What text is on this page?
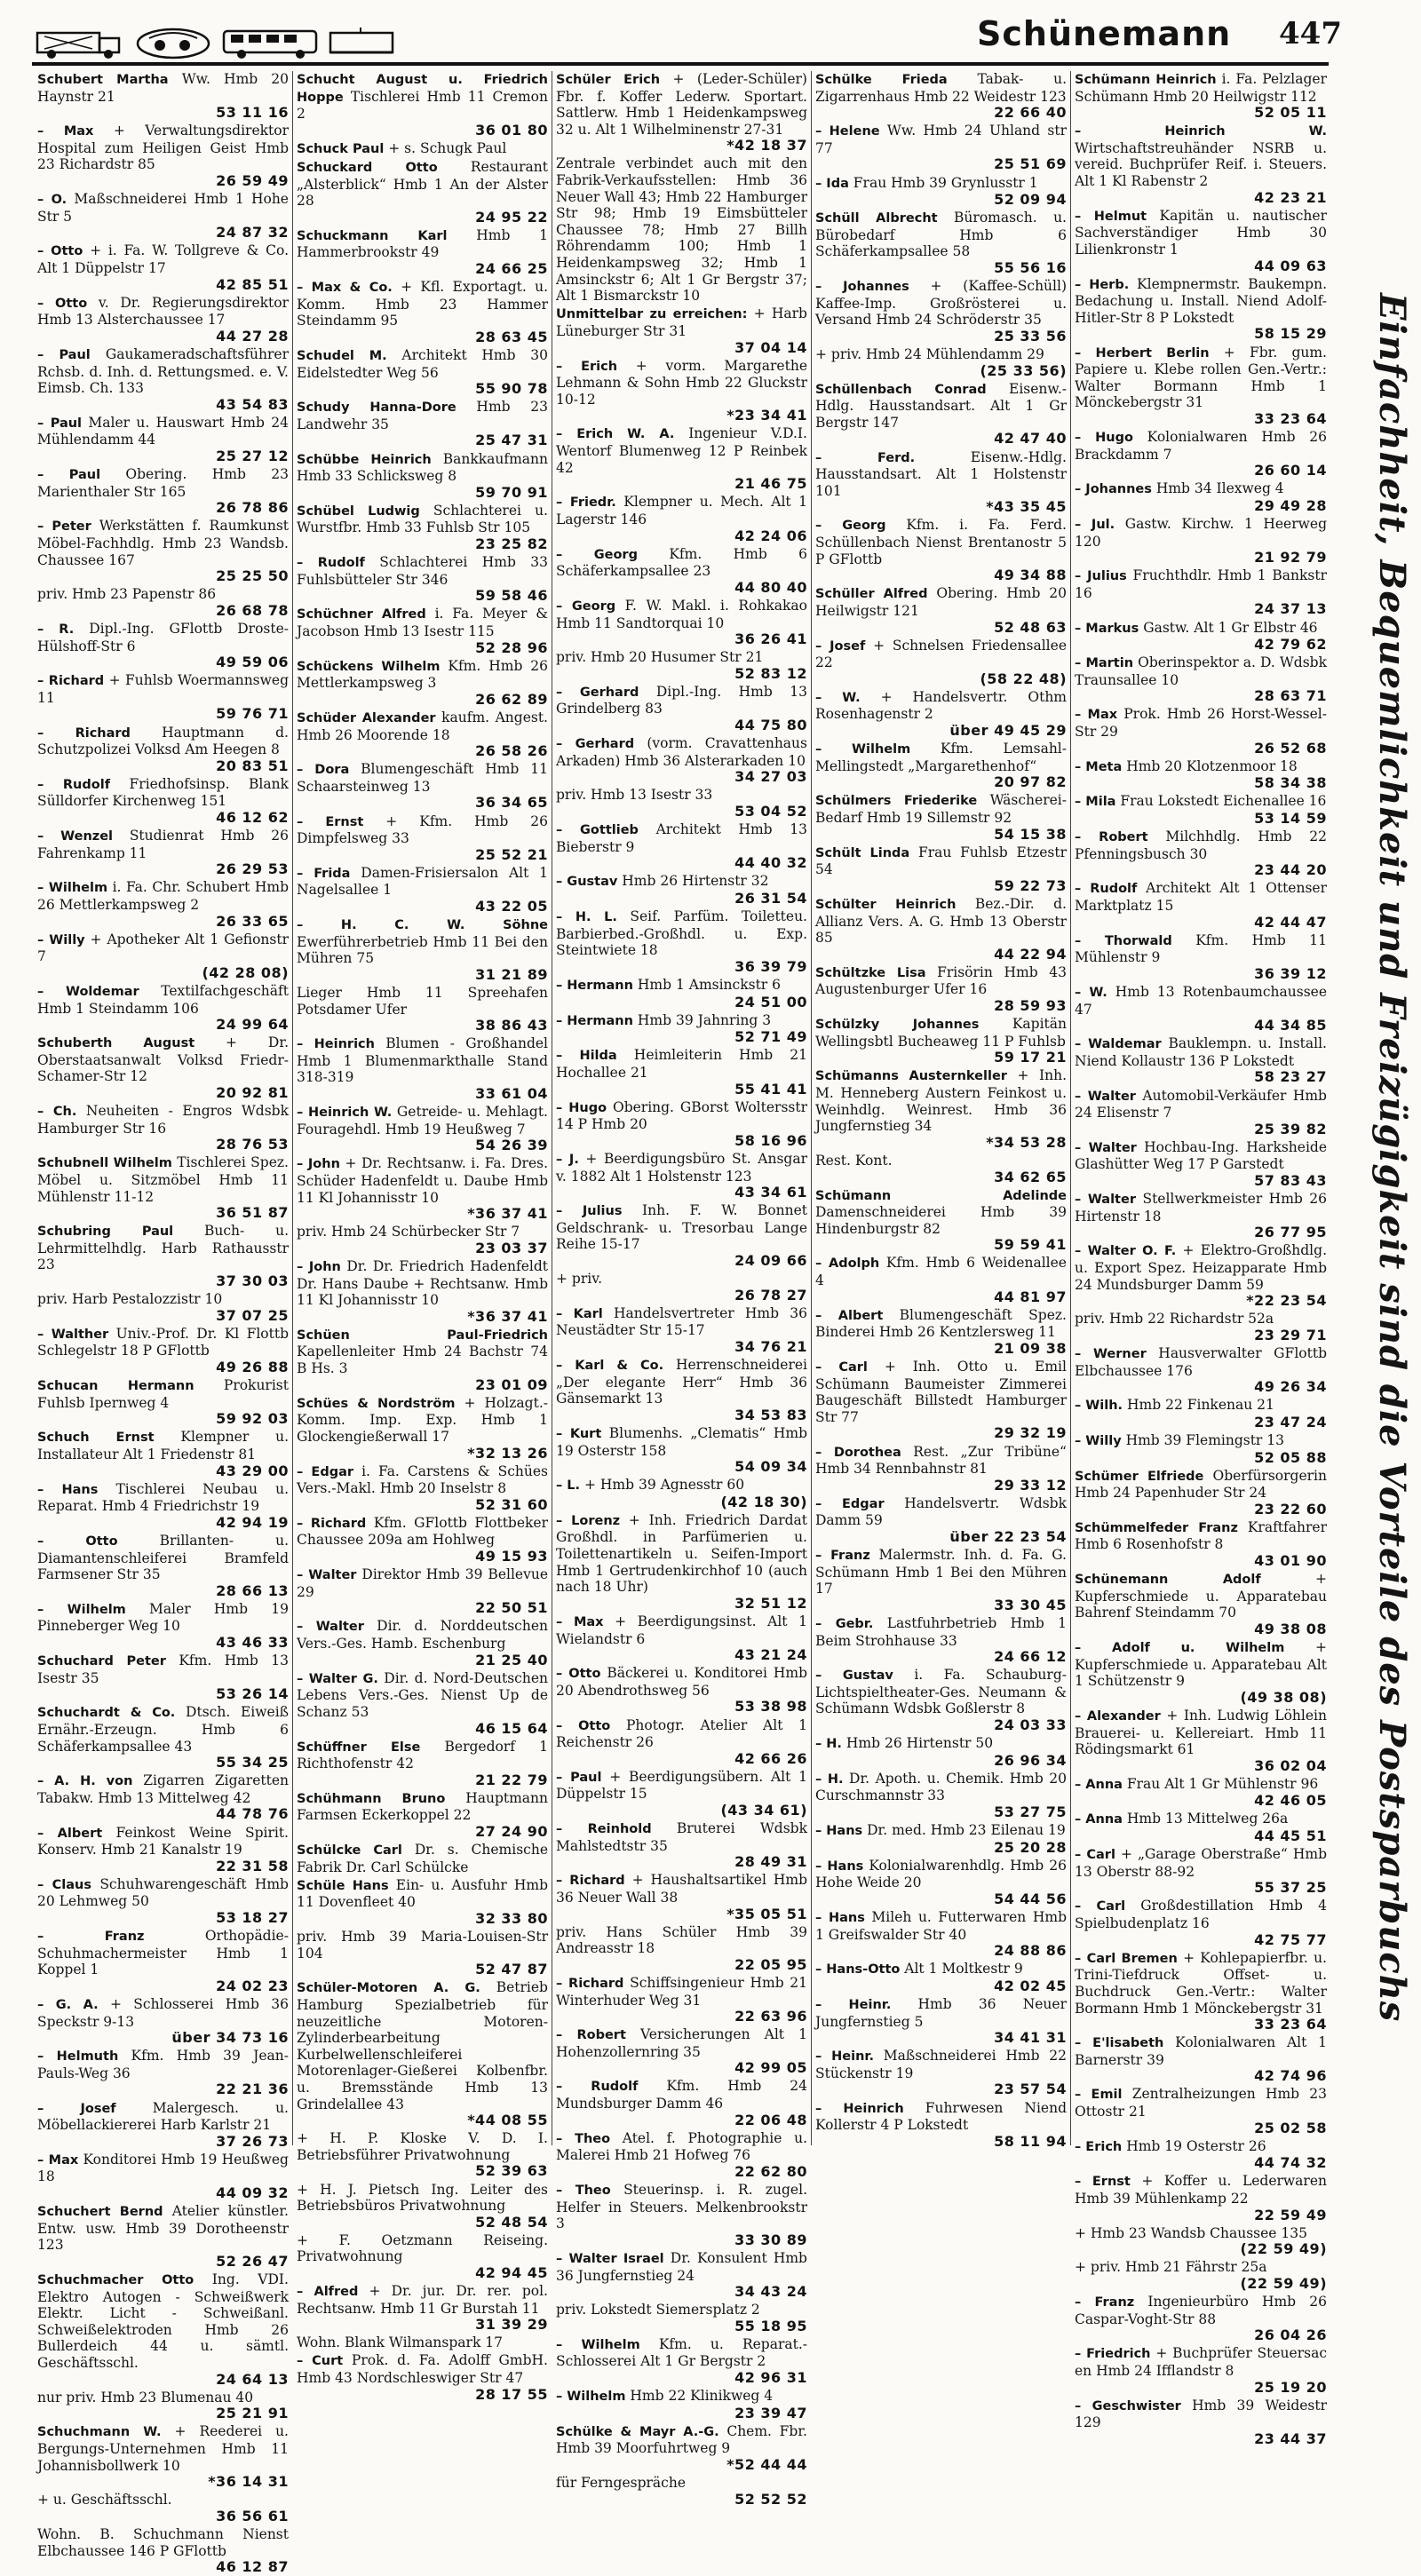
Schünemann 447
Schubert Martha Ww. Hmb 20 Haynstr 21
53 11 16
– Max + Verwaltungsdirektor Hospital zum Heiligen Geist Hmb 23 Richardstr 85
26 59 49
– O. Maßschneiderei Hmb 1 Hohe Str 5
24 87 32
– Otto + i. Fa. W. Tollgreve & Co. Alt 1 Düppelstr 17
42 85 51
– Otto v. Dr. Regierungsdirektor Hmb 13 Alsterchaussee 17
44 27 28
– Paul Gaukameradschaftsführer Rchsb. d. Inh. d. Rettungsmed. e. V. Eimsb. Ch. 133
43 54 83
– Paul Maler u. Hauswart Hmb 24 Mühlendamm 44
25 27 12
– Paul Obering. Hmb 23 Marienthaler Str 165
26 78 86
– Peter Werkstätten f. Raumkunst Möbel-Fachhdlg. Hmb 23 Wandsb. Chaussee 167
25 25 50
priv. Hmb 23 Papenstr 86
26 68 78
– R. Dipl.-Ing. GFlottb Droste-Hülshoff-Str 6
49 59 06
– Richard + Fuhlsb Woermannsweg 11
59 76 71
– Richard Hauptmann d. Schutzpolizei Volksd Am Heegen 8
20 83 51
– Rudolf Friedhofsinsp. Blank Sülldorfer Kirchenweg 151
46 12 62
– Wenzel Studienrat Hmb 26 Fahrenkamp 11
26 29 53
– Wilhelm i. Fa. Chr. Schubert Hmb 26 Mettlerkampsweg 2
26 33 65
– Willy + Apotheker Alt 1 Gefionstr 7
(42 28 08)
– Woldemar Textilfachgeschäft Hmb 1 Steindamm 106
24 99 64
Schuberth August + Dr. Oberstaatsanwalt Volksd Friedr-Schamer-Str 12
20 92 81
– Ch. Neuheiten - Engros Wdsbk Hamburger Str 16
28 76 53
Schubnell Wilhelm Tischlerei Spez. Möbel u. Sitzmöbel Hmb 11 Mühlenstr 11-12
36 51 87
Schubring Paul Buch- u. Lehrmittelhdlg. Harb Rathausstr 23
37 30 03
priv. Harb Pestalozzistr 10
37 07 25
– Walther Univ.-Prof. Dr. Kl Flottb Schlegelstr 18 P GFlottb
49 26 88
Schucan Hermann Prokurist Fuhlsb Ipernweg 4
59 92 03
Schuch Ernst Klempner u. Installateur Alt 1 Friedenstr 81
43 29 00
– Hans Tischlerei Neubau u. Reparat. Hmb 4 Friedrichstr 19
42 94 19
– Otto	Brillanten- u. Diamantenschleiferei Bramfeld Farmsener Str 35
28 66 13
– Wilhelm Maler Hmb 19 Pinneberger Weg 10
43 46 33
Schuchard Peter Kfm. Hmb 13 Isestr 35
53 26 14
Schuchardt & Co. Dtsch. Eiweiß Ernähr.-Erzeugn. Hmb 6 Schäferkampsallee 43
55 34 25
– A. H. von Zigarren Zigaretten Tabakw. Hmb 13 Mittelweg 42
44 78 76
– Albert Feinkost Weine Spirit. Konserv. Hmb 21 Kanalstr 19
22 31 58
– Claus Schuhwarengeschäft Hmb 20 Lehmweg 50
53 18 27
– Franz	Orthopädie-Schuhmachermeister Hmb 1 Koppel 1
24 02 23
– G. A. + Schlosserei Hmb 36 Speckstr 9-13
über 34 73 16
– Helmuth Kfm. Hmb 39 Jean-Pauls-Weg 36
22 21 36
– Josef	Malergesch. u. Möbellackiererei Harb Karlstr 21
37 26 73
– Max Konditorei Hmb 19 Heußweg 18
44 09 32
Schuchert Bernd Atelier künstler. Entw. usw. Hmb 39 Dorotheenstr 123
52 26 47
Schuchmacher Otto Ing. VDI. Elektro Autogen - Schweißwerk Elektr. Licht - Schweißanl. Schweißelektroden Hmb 26 Bullerdeich 44 u. sämtl. Geschäftsschl.
24 64 13
nur priv. Hmb 23 Blumenau 40
25 21 91
Schuchmann W. + Reederei u. Bergungs-Unternehmen Hmb 11 Johannisbollwerk 10
*36 14 31
+ u. Geschäftsschl.
36 56 61
Wohn. B. Schuchmann Nienst Elbchaussee 146 P GFlottb
46 12 87
Schucht August u. Friedrich Hoppe Tischlerei Hmb 11 Cremon 2
36 01 80
Schuck Paul + s. Schugk Paul
Schuckard Otto Restaurant „Alsterblick“ Hmb 1 An der Alster 28
24 95 22
Schuckmann Karl Hmb 1 Hammerbrookstr 49
24 66 25
– Max & Co. + Kfl. Exportagt. u. Komm. Hmb 23 Hammer Steindamm 95
28 63 45
Schudel M. Architekt Hmb 30 Eidelstedter Weg 56
55 90 78
Schudy Hanna-Dore Hmb 23 Landwehr 35
25 47 31
Schübbe Heinrich Bankkaufmann Hmb 33 Schlicksweg 8
59 70 91
Schübel Ludwig Schlachterei u. Wurstfbr. Hmb 33 Fuhlsb Str 105
23 25 82
– Rudolf Schlachterei Hmb 33 Fuhlsbütteler Str 346
59 58 46
Schüchner Alfred i. Fa. Meyer & Jacobson Hmb 13 Isestr 115
52 28 96
Schückens Wilhelm Kfm. Hmb 26 Mettlerkampsweg 3
26 62 89
Schüder Alexander kaufm. Angest. Hmb 26 Moorende 18
26 58 26
– Dora Blumengeschäft Hmb 11 Schaarsteinweg 13
36 34 65
– Ernst + Kfm. Hmb 26 Dimpfelsweg 33
25 52 21
– Frida Damen-Frisiersalon Alt 1 Nagelsallee 1
43 22 05
– H. C. W. Söhne Ewerführerbetrieb Hmb 11 Bei den Mühren 75
31 21 89
Lieger Hmb 11 Spreehafen Potsdamer Ufer
38 86 43
– Heinrich Blumen - Großhandel Hmb 1 Blumenmarkthalle Stand 318-319
33 61 04
– Heinrich W. Getreide- u. Mehlagt. Fouragehdl. Hmb 19 Heußweg 7
54 26 39
– John + Dr. Rechtsanw. i. Fa. Dres. Schüder Hadenfeldt u. Daube Hmb 11 Kl Johannisstr 10
*36 37 41
priv. Hmb 24 Schürbecker Str 7
23 03 37
– John Dr. Dr. Friedrich Hadenfeldt Dr. Hans Daube + Rechtsanw. Hmb 11 Kl Johannisstr 10
*36 37 41
Schüen Paul-Friedrich Kapellenleiter Hmb 24 Bachstr 74 B Hs. 3
23 01 09
Schües & Nordström + Holzagt.-Komm. Imp. Exp. Hmb 1 Glockengießerwall 17
*32 13 26
– Edgar i. Fa. Carstens & Schües Vers.-Makl. Hmb 20 Inselstr 8
52 31 60
– Richard Kfm. GFlottb Flottbeker Chaussee 209a am Hohlweg
49 15 93
– Walter Direktor Hmb 39 Bellevue 29
22 50 51
– Walter Dir. d. Norddeutschen Vers.-Ges. Hamb. Eschenburg
21 25 40
– Walter G. Dir. d. Nord-Deutschen Lebens Vers.-Ges. Nienst Up de Schanz 53
46 15 64
Schüffner Else Bergedorf 1 Richthofenstr 42
21 22 79
Schühmann Bruno Hauptmann Farmsen Eckerkoppel 22
27 24 90
Schülcke Carl Dr. s. Chemische Fabrik Dr. Carl Schülcke
Schüle Hans Ein- u. Ausfuhr Hmb 11 Dovenfleet 40
32 33 80
priv. Hmb 39 Maria-Louisen-Str 104
52 47 87
Schüler-Motoren A. G. Betrieb Hamburg Spezialbetrieb für neuzeitliche Motoren-Zylinderbearbeitung Kurbelwellenschleiferei Motorenlager-Gießerei Kolbenfbr. u. Bremsstände Hmb 13 Grindelallee 43
*44 08 55
+ H. P. Kloske V. D. I. Betriebsführer Privatwohnung
52 39 63
+ H. J. Pietsch Ing. Leiter des Betriebsbüros Privatwohnung
52 48 54
+ F. Oetzmann Reiseing. Privatwohnung
42 94 45
– Alfred + Dr. jur. Dr. rer. pol. Rechtsanw. Hmb 11 Gr Burstah 11
31 39 29
Wohn. Blank Wilmanspark 17
– Curt Prok. d. Fa. Adolff GmbH. Hmb 43 Nordschleswiger Str 47
28 17 55
Schüler Erich + (Leder-Schüler) Fbr. f. Koffer Lederw. Sportart. Sattlerw. Hmb 1 Heidenkampsweg 32 u. Alt 1 Wilhelminenstr 27-31
*42 18 37
Zentrale verbindet auch mit den Fabrik-Verkaufsstellen: Hmb 36 Neuer Wall 43; Hmb 22 Hamburger Str 98; Hmb 19 Eimsbütteler Chaussee 78; Hmb 27 Billh Röhrendamm 100; Hmb 1 Heidenkampsweg 32; Hmb 1 Amsinckstr 6; Alt 1 Gr Bergstr 37; Alt 1 Bismarckstr 10
Unmittelbar zu erreichen: + Harb Lüneburger Str 31
37 04 14
– Erich + vorm. Margarethe Lehmann & Sohn Hmb 22 Gluckstr 10-12
*23 34 41
– Erich W. A. Ingenieur V.D.I. Wentorf Blumenweg 12 P Reinbek 42
21 46 75
– Friedr. Klempner u. Mech. Alt 1 Lagerstr 146
42 24 06
– Georg Kfm. Hmb 6 Schäferkampsallee 23
44 80 40
– Georg F. W. Makl. i. Rohkakao Hmb 11 Sandtorquai 10
36 26 41
priv. Hmb 20 Husumer Str 21
52 83 12
– Gerhard Dipl.-Ing. Hmb 13 Grindelberg 83
44 75 80
– Gerhard (vorm. Cravattenhaus Arkaden) Hmb 36 Alsterarkaden 10
34 27 03
priv. Hmb 13 Isestr 33
53 04 52
– Gottlieb Architekt Hmb 13 Bieberstr 9
44 40 32
– Gustav Hmb 26 Hirtenstr 32
26 31 54
– H. L. Seif. Parfüm. Toiletteu. Barbierbed.-Großhdl. u. Exp. Steintwiete 18
36 39 79
– Hermann Hmb 1 Amsinckstr 6
24 51 00
– Hermann Hmb 39 Jahnring 3
52 71 49
– Hilda Heimleiterin Hmb 21 Hochallee 21
55 41 41
– Hugo Obering. GBorst Woltersstr 14 P Hmb 20
58 16 96
– J. + Beerdigungsbüro St. Ansgar v. 1882 Alt 1 Holstenstr 123
43 34 61
– Julius Inh. F. W. Bonnet Geldschrank- u. Tresorbau Lange Reihe 15-17
24 09 66
+ priv.
26 78 27
– Karl Handelsvertreter Hmb 36 Neustädter Str 15-17
34 76 21
– Karl & Co. Herrenschneiderei „Der elegante Herr“ Hmb 36 Gänsemarkt 13
34 53 83
– Kurt Blumenhs. „Clematis“ Hmb 19 Osterstr 158
54 09 34
– L. + Hmb 39 Agnesstr 60
(42 18 30)
– Lorenz + Inh. Friedrich Dardat Großhdl. in Parfümerien u. Toilettenartikeln u. Seifen-Import Hmb 1 Gertrudenkirchhof 10 (auch nach 18 Uhr)
32 51 12
– Max + Beerdigungsinst. Alt 1 Wielandstr 6
43 21 24
– Otto Bäckerei u. Konditorei Hmb 20 Abendrothsweg 56
53 38 98
– Otto Photogr. Atelier Alt 1 Reichenstr 26
42 66 26
– Paul + Beerdigungsübern. Alt 1 Düppelstr 15
(43 34 61)
– Reinhold Bruterei Wdsbk Mahlstedtstr 35
28 49 31
– Richard + Haushaltsartikel Hmb 36 Neuer Wall 38
*35 05 51
priv. Hans Schüler Hmb 39 Andreasstr 18
22 05 95
– Richard Schiffsingenieur Hmb 21 Winterhuder Weg 31
22 63 96
– Robert Versicherungen Alt 1 Hohenzollernring 35
42 99 05
– Rudolf Kfm. Hmb 24 Mundsburger Damm 46
22 06 48
– Theo Atel. f. Photographie u. Malerei Hmb 21 Hofweg 76
22 62 80
– Theo Steuerinsp. i. R. zugel. Helfer in Steuers. Melkenbrookstr 3
33 30 89
– Walter Israel Dr. Konsulent Hmb 36 Jungfernstieg 24
34 43 24
priv. Lokstedt Siemersplatz 2
55 18 95
– Wilhelm Kfm. u. Reparat.-Schlosserei Alt 1 Gr Bergstr 2
42 96 31
– Wilhelm Hmb 22 Klinikweg 4
23 39 47
Schülke & Mayr A.-G. Chem. Fbr. Hmb 39 Moorfuhrtweg 9
*52 44 44
für Ferngespräche
52 52 52
Schülke Frieda Tabak- u. Zigarrenhaus Hmb 22 Weidestr 123
22 66 40
– Helene Ww. Hmb 24 Uhland str 77
25 51 69
– Ida Frau Hmb 39 Grynlusstr 1
52 09 94
Schüll Albrecht Büromasch. u. Bürobedarf Hmb 6 Schäferkampsallee 58
55 56 16
– Johannes + (Kaffee-Schüll) Kaffee-Imp. Großrösterei u. Versand Hmb 24 Schröderstr 35
25 33 56
+ priv. Hmb 24 Mühlendamm 29
(25 33 56)
Schüllenbach Conrad Eisenw.-Hdlg. Hausstandsart. Alt 1 Gr Bergstr 147
42 47 40
– Ferd.	Eisenw.-Hdlg. Hausstandsart. Alt 1 Holstenstr 101
*43 35 45
– Georg Kfm. i. Fa. Ferd. Schüllenbach Nienst Brentanostr 5 P GFlottb
49 34 88
Schüller Alfred Obering. Hmb 20 Heilwigstr 121
52 48 63
– Josef + Schnelsen Friedensallee 22
(58 22 48)
– W. + Handelsvertr. Othm Rosenhagenstr 2
über 49 45 29
– Wilhelm Kfm. Lemsahl-Mellingstedt „Margarethenhof“
20 97 82
Schülmers Friederike Wäscherei-Bedarf Hmb 19 Sillemstr 92
54 15 38
Schült Linda Frau Fuhlsb Etzestr 54
59 22 73
Schülter Heinrich Bez.-Dir. d. Allianz Vers. A. G. Hmb 13 Oberstr 85
44 22 94
Schültzke Lisa Frisörin Hmb 43 Augustenburger Ufer 16
28 59 93
Schülzky Johannes Kapitän Wellingsbtl Bucheaweg 11 P Fuhlsb
59 17 21
Schümanns Austernkeller + Inh. M. Henneberg Austern Feinkost u. Weinhdlg. Weinrest. Hmb 36 Jungfernstieg 34
*34 53 28
Rest. Kont.
34 62 65
Schümann Adelinde Damenschneiderei Hmb 39 Hindenburgstr 82
59 59 41
– Adolph Kfm. Hmb 6 Weidenallee 4
44 81 97
– Albert Blumengeschäft Spez. Binderei Hmb 26 Kentzlersweg 11
21 09 38
– Carl + Inh. Otto u. Emil Schümann Baumeister Zimmerei Baugeschäft Billstedt Hamburger Str 77
29 32 19
– Dorothea Rest. „Zur Tribüne“ Hmb 34 Rennbahnstr 81
29 33 12
– Edgar Handelsvertr. Wdsbk Damm 59
über 22 23 54
– Franz Malermstr. Inh. d. Fa. G. Schümann Hmb 1 Bei den Mühren 17
33 30 45
– Gebr. Lastfuhrbetrieb Hmb 1 Beim Strohhause 33
24 66 12
– Gustav i. Fa. Schauburg-Lichtspieltheater-Ges. Neumann & Schümann Wdsbk Goßlerstr 8
24 03 33
– H. Hmb 26 Hirtenstr 50
26 96 34
– H. Dr. Apoth. u. Chemik. Hmb 20 Curschmannstr 33
53 27 75
– Hans Dr. med. Hmb 23 Eilenau 19
25 20 28
– Hans Kolonialwarenhdlg. Hmb 26 Hohe Weide 20
54 44 56
– Hans Mileh u. Futterwaren Hmb 1 Greifswalder Str 40
24 88 86
– Hans-Otto Alt 1 Moltkestr 9
42 02 45
– Heinr. Hmb 36 Neuer Jungfernstieg 5
34 41 31
– Heinr. Maßschneiderei Hmb 22 Stückenstr 19
23 57 54
– Heinrich Fuhrwesen Niend Kollerstr 4 P Lokstedt
58 11 94
Schümann Heinrich i. Fa. Pelzlager Schümann Hmb 20 Heilwigstr 112
52 05 11
– Heinrich W. Wirtschaftstreuhänder NSRB u. vereid. Buchprüfer Reif. i. Steuers. Alt 1 Kl Rabenstr 2
42 23 21
– Helmut Kapitän u. nautischer Sachverständiger Hmb 30 Lilienkronstr 1
44 09 63
– Herb. Klempnermstr. Baukempn. Bedachung u. Install. Niend Adolf-Hitler-Str 8 P Lokstedt
58 15 29
– Herbert Berlin + Fbr. gum. Papiere u. Klebe rollen Gen.-Vertr.: Walter Bormann Hmb 1 Mönckebergstr 31
33 23 64
– Hugo Kolonialwaren Hmb 26 Brackdamm 7
26 60 14
– Johannes Hmb 34 Ilexweg 4
29 49 28
– Jul. Gastw. Kirchw. 1 Heerweg 120
21 92 79
– Julius Fruchthdlr. Hmb 1 Bankstr 16
24 37 13
– Markus Gastw. Alt 1 Gr Elbstr 46
42 79 62
– Martin Oberinspektor a. D. Wdsbk Traunsallee 10
28 63 71
– Max Prok. Hmb 26 Horst-Wessel-Str 29
26 52 68
– Meta Hmb 20 Klotzenmoor 18
58 34 38
– Mila Frau Lokstedt Eichenallee 16
53 14 59
– Robert Milchhdlg. Hmb 22 Pfenningsbusch 30
23 44 20
– Rudolf Architekt Alt 1 Ottenser Marktplatz 15
42 44 47
– Thorwald Kfm. Hmb 11 Mühlenstr 9
36 39 12
– W. Hmb 13 Rotenbaumchaussee 47
44 34 85
– Waldemar Bauklempn. u. Install. Niend Kollaustr 136 P Lokstedt
58 23 27
– Walter Automobil-Verkäufer Hmb 24 Elisenstr 7
25 39 82
– Walter Hochbau-Ing. Harksheide Glashütter Weg 17 P Garstedt
57 83 43
– Walter Stellwerkmeister Hmb 26 Hirtenstr 18
26 77 95
– Walter O. F. + Elektro-Großhdlg. u. Export Spez. Heizapparate Hmb 24 Mundsburger Damm 59
*22 23 54
priv. Hmb 22 Richardstr 52a
23 29 71
– Werner Hausverwalter GFlottb Elbchaussee 176
49 26 34
– Wilh. Hmb 22 Finkenau 21
23 47 24
– Willy Hmb 39 Flemingstr 13
52 05 88
Schümer Elfriede Oberfürsorgerin Hmb 24 Papenhuder Str 24
23 22 60
Schümmelfeder Franz Kraftfahrer Hmb 6 Rosenhofstr 8
43 01 90
Schünemann Adolf	+ Kupferschmiede u. Apparatebau Bahrenf Steindamm 70
49 38 08
– Adolf u. Wilhelm + Kupferschmiede u. Apparatebau Alt 1 Schützenstr 9
(49 38 08)
– Alexander + Inh. Ludwig Löhlein Brauerei- u. Kellereiart. Hmb 11 Rödingsmarkt 61
36 02 04
– Anna Frau Alt 1 Gr Mühlenstr 96
42 46 05
– Anna Hmb 13 Mittelweg 26a
44 45 51
– Carl + „Garage Oberstraße“ Hmb 13 Oberstr 88-92
55 37 25
– Carl Großdestillation Hmb 4 Spielbudenplatz 16
42 75 77
– Carl Bremen + Kohlepapierfbr. u. Trini-Tiefdruck Offset- u. Buchdruck Gen.-Vertr.: Walter Bormann Hmb 1 Mönckebergstr 31
33 23 64
– E'lisabeth Kolonialwaren Alt 1 Barnerstr 39
42 74 96
– Emil Zentralheizungen Hmb 23 Ottostr 21
25 02 58
– Erich Hmb 19 Osterstr 26
44 74 32
– Ernst + Koffer u. Lederwaren Hmb 39 Mühlenkamp 22
22 59 49
+ Hmb 23 Wandsb Chaussee 135
(22 59 49)
+ priv. Hmb 21 Fährstr 25a
(22 59 49)
– Franz Ingenieurbüro Hmb 26 Caspar-Voght-Str 88
26 04 26
– Friedrich + Buchprüfer Steuersac en Hmb 24 Ifflandstr 8
25 19 20
– Geschwister Hmb 39 Weidestr 129
23 44 37
Einfachheit, Bequemlichkeit und Freizügigkeit sind die Vorteile des Postsparbuchs
